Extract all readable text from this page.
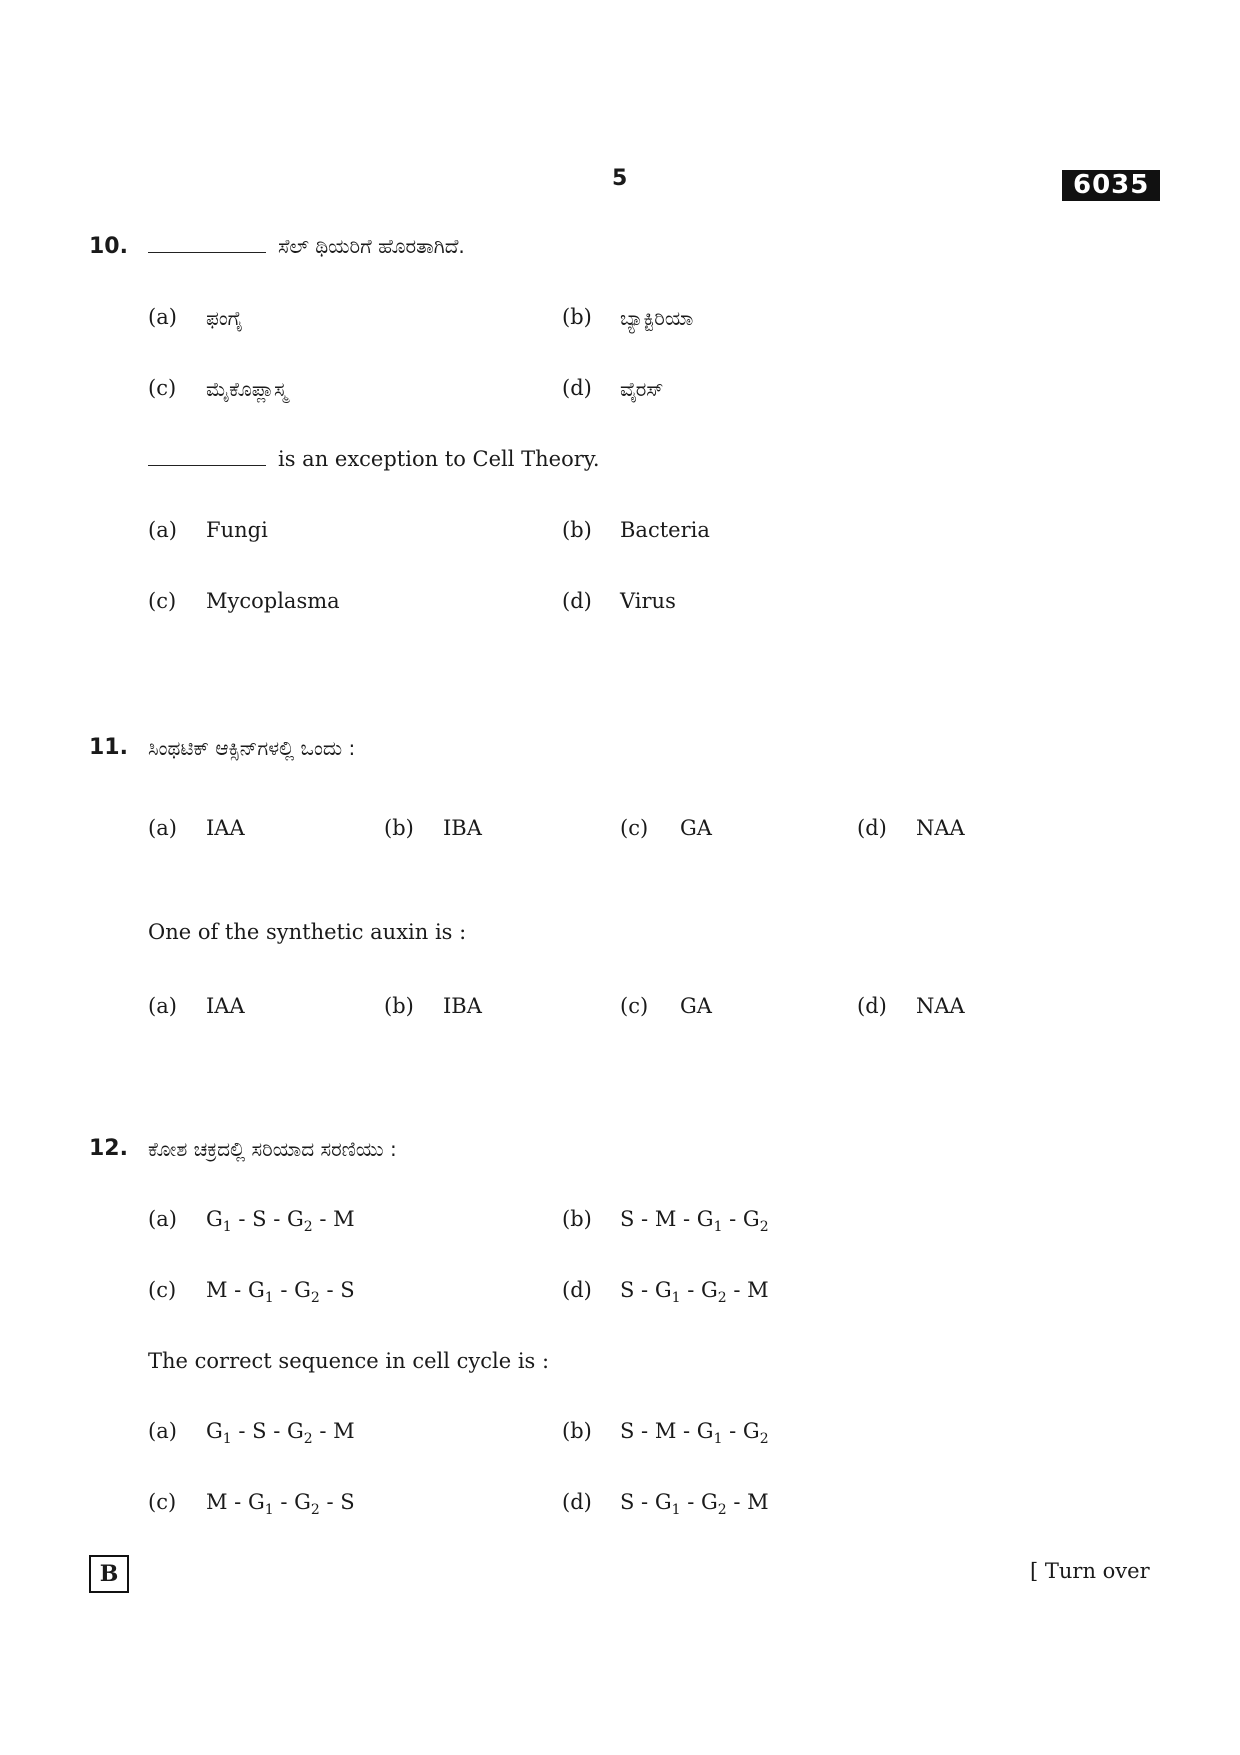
5	6035
10.	ಸೆಲ್ ಥಿಯರಿಗೆ ಹೊರತಾಗಿದೆ.
(a) ಫಂಗೈ	(b) ಬ್ಯಾಕ್ಟಿರಿಯಾ
(c) ಮೈಕೊಪ್ಲಾಸ್ಮ	(d) ವೈರಸ್
is an exception to Cell Theory.
(a) Fungi	(b) Bacteria
(c) Mycoplasma	(d) Virus
11. ಸಿಂಥಟಿಕ್ ಆಕ್ಸಿನ್‌ಗಳಲ್ಲಿ ಒಂದು :
(a) IAA	(b) IBA	(c) GA	(d) NAA
One of the synthetic auxin is :
(a) IAA	(b) IBA	(c) GA	(d) NAA
12. ಕೋಶ ಚಕ್ರದಲ್ಲಿ ಸರಿಯಾದ ಸರಣಿಯು :
(a) $G_1$ - S - $G_2$ - M	(b) S - M - $G_1 - G_2$
(c) M - $G_1 - G_2$ - S	(d) S - $G_1 - G_2$ - M
The correct sequence in cell cycle is :
(a) $G_1$ - S - $G_2$ - M	(b) S - M - $G_1 - G_2$
(c) M - $G_1 - G_2$ - S	(d) S - $G_1 - G_2$ - M
B	[ Turn over
